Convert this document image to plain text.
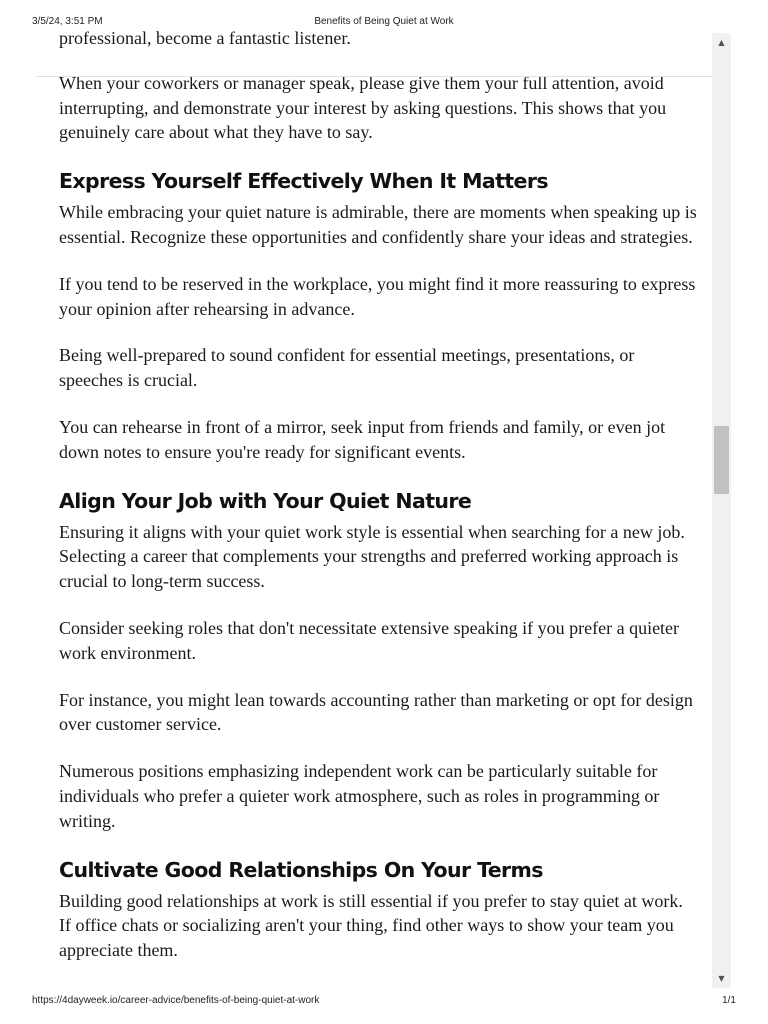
3/5/24, 3:51 PM	Benefits of Being Quiet at Work

professional, become a fantastic listener.

When your coworkers or manager speak, please give them your full attention, avoid interrupting, and demonstrate your interest by asking questions. This shows that you genuinely care about what they have to say.

Express Yourself Effectively When It Matters

While embracing your quiet nature is admirable, there are moments when speaking up is essential. Recognize these opportunities and confidently share your ideas and strategies.

If you tend to be reserved in the workplace, you might find it more reassuring to express your opinion after rehearsing in advance.

Being well-prepared to sound confident for essential meetings, presentations, or speeches is crucial.

You can rehearse in front of a mirror, seek input from friends and family, or even jot down notes to ensure you're ready for significant events.

Align Your Job with Your Quiet Nature

Ensuring it aligns with your quiet work style is essential when searching for a new job. Selecting a career that complements your strengths and preferred working approach is crucial to long-term success.

Consider seeking roles that don't necessitate extensive speaking if you prefer a quieter work environment.

For instance, you might lean towards accounting rather than marketing or opt for design over customer service.

Numerous positions emphasizing independent work can be particularly suitable for individuals who prefer a quieter work atmosphere, such as roles in programming or writing.

Cultivate Good Relationships On Your Terms

Building good relationships at work is still essential if you prefer to stay quiet at work. If office chats or socializing aren't your thing, find other ways to show your team you appreciate them.

▲
▼
https://4dayweek.io/career-advice/benefits-of-being-quiet-at-work	1/1
